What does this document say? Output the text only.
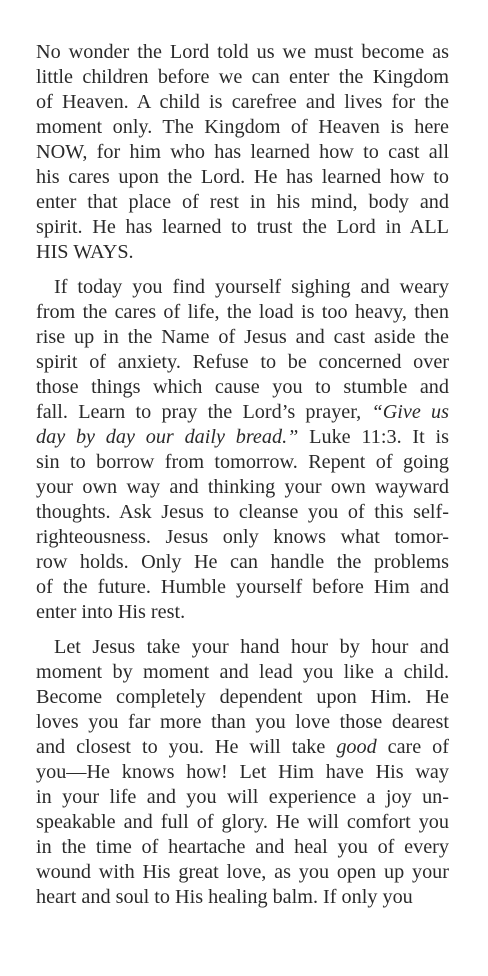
No wonder the Lord told us we must become as
little children before we can enter the Kingdom
of Heaven. A child is carefree and lives for the
moment only. The Kingdom of Heaven is here
NOW, for him who has learned how to cast all
his cares upon the Lord. He has learned how to
enter that place of rest in his mind, body and
spirit. He has learned to trust the Lord in ALL
HIS WAYS.
If today you find yourself sighing and weary
from the cares of life, the load is too heavy, then
rise up in the Name of Jesus and cast aside the
spirit of anxiety. Refuse to be concerned over
those things which cause you to stumble and
fall. Learn to pray the Lord’s prayer, “Give us
day by day our daily bread.” Luke 11:3. It is
sin to borrow from tomorrow. Repent of going
your own way and thinking your own wayward
thoughts. Ask Jesus to cleanse you of this self-
righteousness. Jesus only knows what tomor-
row holds. Only He can handle the problems
of the future. Humble yourself before Him and
enter into His rest.
Let Jesus take your hand hour by hour and
moment by moment and lead you like a child.
Become completely dependent upon Him. He
loves you far more than you love those dearest
and closest to you. He will take good care of
you—He knows how! Let Him have His way
in your life and you will experience a joy un-
speakable and full of glory. He will comfort you
in the time of heartache and heal you of every
wound with His great love, as you open up your
heart and soul to His healing balm. If only you
